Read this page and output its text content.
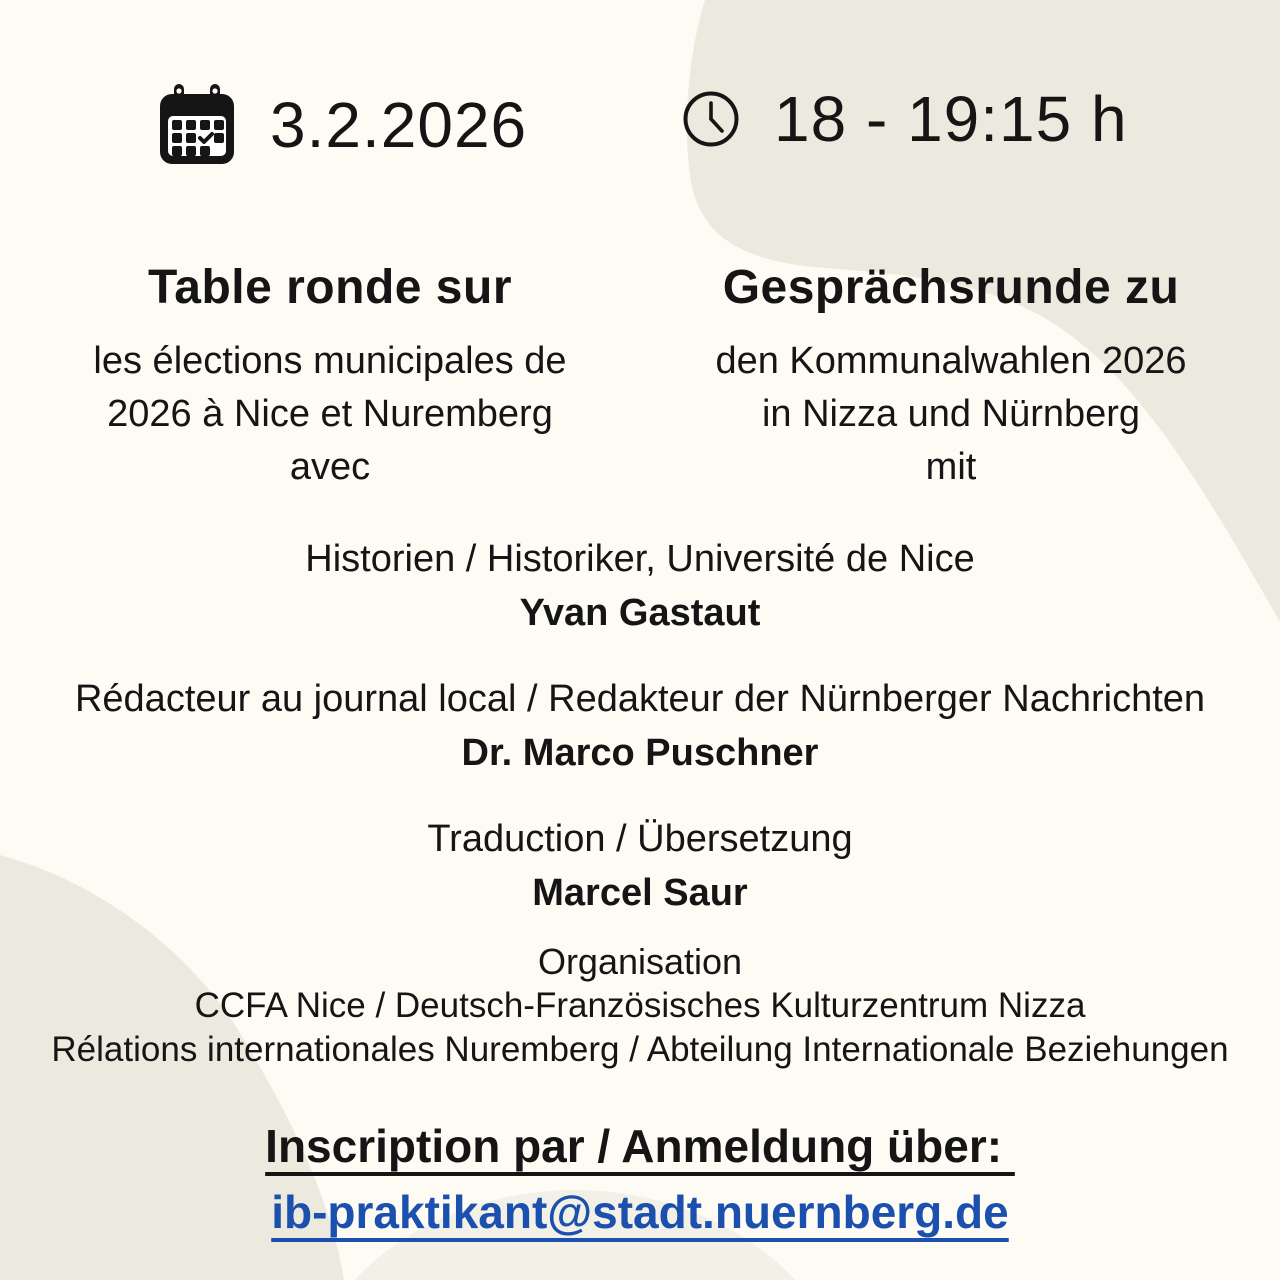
3.2.2026	18 - 19:15 h
Table ronde sur
les élections municipales de
2026 à Nice et Nuremberg
avec
Gesprächsrunde zu
den Kommunalwahlen 2026
in Nizza und Nürnberg
mit
Historien / Historiker, Université de Nice
Yvan Gastaut
Rédacteur au journal local / Redakteur der Nürnberger Nachrichten
Dr. Marco Puschner
Traduction / Übersetzung
Marcel Saur
Organisation
CCFA Nice / Deutsch-Französisches Kulturzentrum Nizza
Rélations internationales Nuremberg / Abteilung Internationale Beziehungen
Inscription par / Anmeldung über:
ib-praktikant@stadt.nuernberg.de
